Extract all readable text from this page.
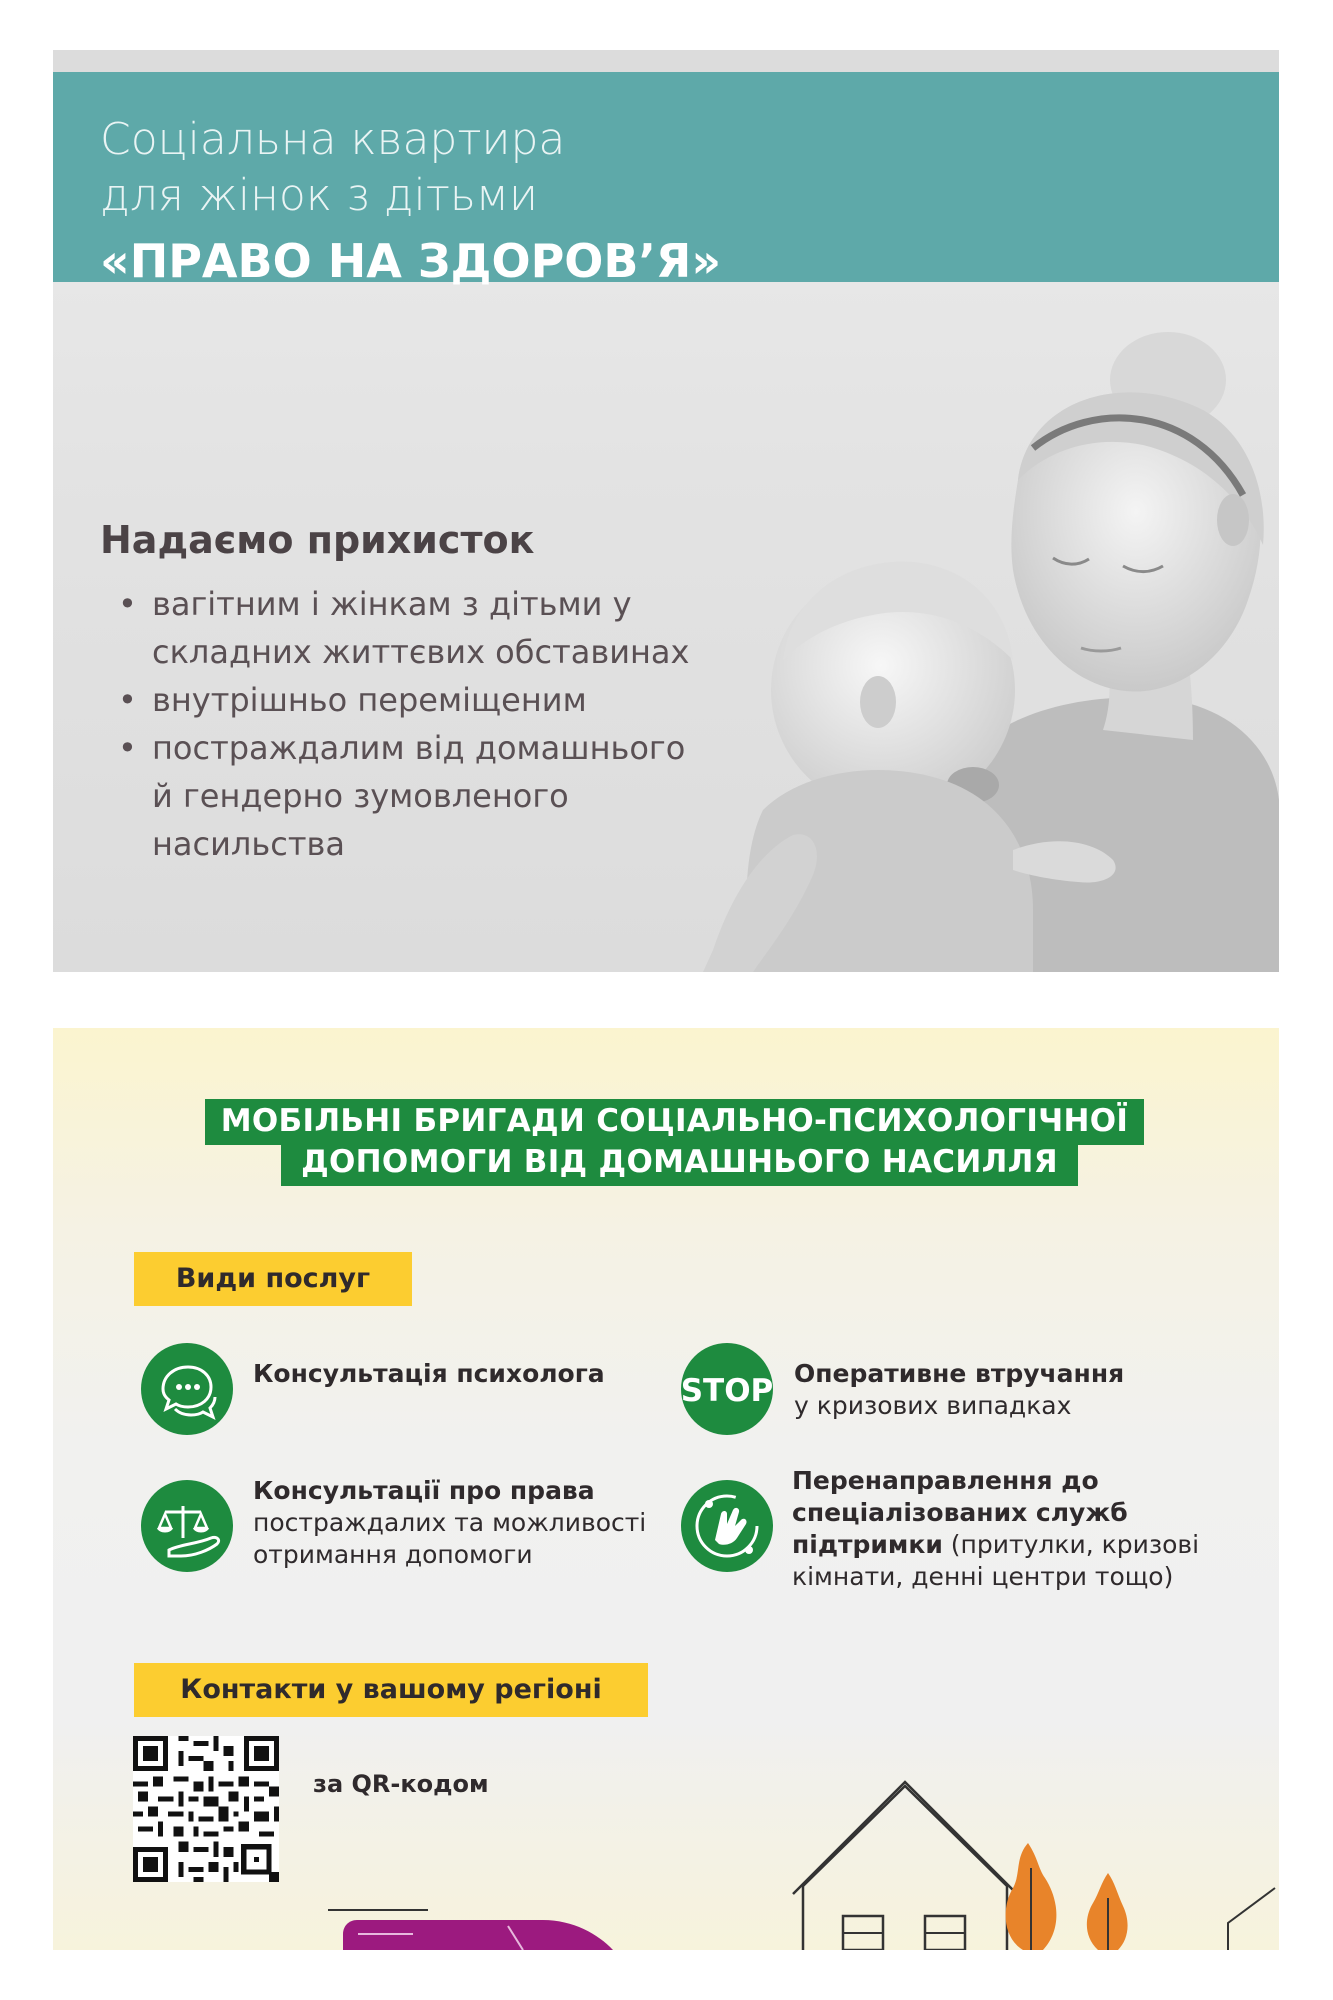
Соціальна квартира

для жінок з дітьми

«ПРАВО НА ЗДОРОВ’Я»

Надаємо прихисток

• вагітним і жінкам з дітьми у
складних життєвих обставинах
• внутрішньо переміщеним
• постраждалим від домашнього
й гендерно зумовленого
насильства
МОБІЛЬНІ БРИГАДИ СОЦІАЛЬНО-ПСИХОЛОГІЧНОЇ
ДОПОМОГИ ВІД ДОМАШНЬОГО НАСИЛЛЯ
Види послуг

Консультація психолога STOP Оперативне втручання
у кризових випадках

Консультації про права
постраждалих та можливості
отримання допомоги

Перенаправлення до
спеціалізованих служб
підтримки (притулки, кризові
кімнати, денні центри тощо)

Контакти у вашому регіоні
за QR-кодом
